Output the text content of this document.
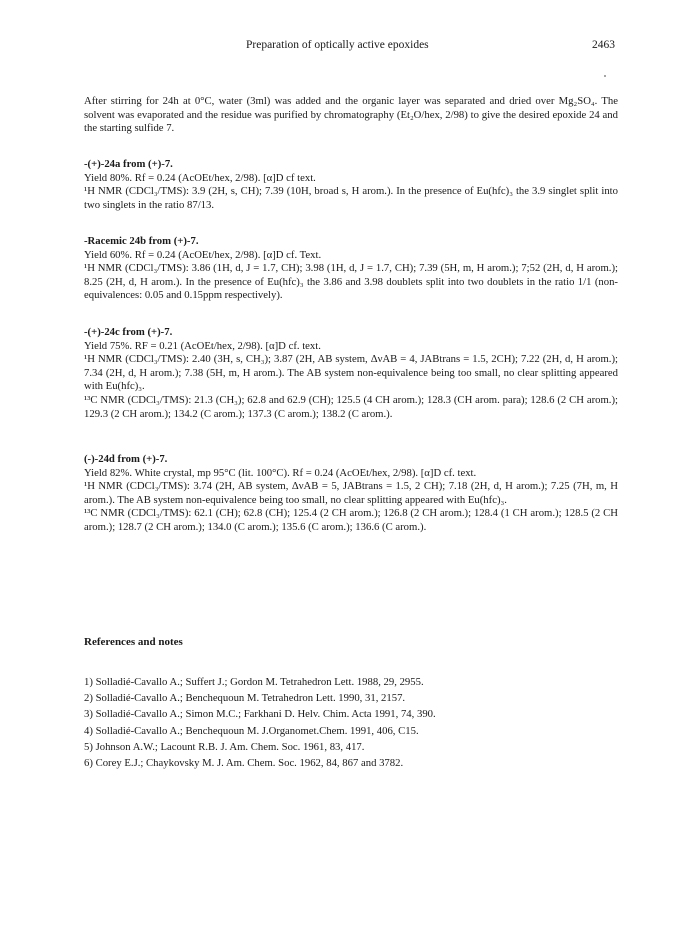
Preparation of optically active epoxides	2463

After stirring for 24h at 0°C, water (3ml) was added and the organic layer was separated and dried over Mg₂SO₄. The solvent was evaporated and the residue was purified by chromatography (Et₂O/hex, 2/98) to give the desired epoxide 24 and the starting sulfide 7.

-(+)-24a from (+)-7.

Yield 80%. Rf = 0.24 (AcOEt/hex, 2/98). [α]D cf text.

¹H NMR (CDCl₃/TMS): 3.9 (2H, s, CH); 7.39 (10H, broad s, H arom.). In the presence of Eu(hfc)₃ the 3.9 singlet split into two singlets in the ratio 87/13.

-Racemic 24b from (+)-7.

Yield 60%. Rf = 0.24 (AcOEt/hex, 2/98). [α]D cf. Text.

¹H NMR (CDCl₃/TMS): 3.86 (1H, d, J = 1.7, CH); 3.98 (1H, d, J = 1.7, CH); 7.39 (5H, m, H arom.); 7;52 (2H, d, H arom.); 8.25 (2H, d, H arom.). In the presence of Eu(hfc)₃ the 3.86 and 3.98 doublets split into two doublets in the ratio 1/1 (non-equivalences: 0.05 and 0.15ppm respectively).

-(+)-24c from (+)-7.

Yield 75%. RF = 0.21 (AcOEt/hex, 2/98). [α]D cf. text.

¹H NMR (CDCl₃/TMS): 2.40 (3H, s, CH₃); 3.87 (2H, AB system, ΔνAB = 4, JABtrans = 1.5, 2CH); 7.22 (2H, d, H arom.); 7.34 (2H, d, H arom.); 7.38 (5H, m, H arom.). The AB system non-equivalence being too small, no clear splitting appeared with Eu(hfc)₃.

¹³C NMR (CDCl₃/TMS): 21.3 (CH₃); 62.8 and 62.9 (CH); 125.5 (4 CH arom.); 128.3 (CH arom. para); 128.6 (2 CH arom.); 129.3 (2 CH arom.); 134.2 (C arom.); 137.3 (C arom.); 138.2 (C arom.).

(-)-24d from (+)-7.

Yield 82%. White crystal, mp 95°C (lit. 100°C). Rf = 0.24 (AcOEt/hex, 2/98). [α]D cf. text.

¹H NMR (CDCl₃/TMS): 3.74 (2H, AB system, ΔνAB = 5, JABtrans = 1.5, 2 CH); 7.18 (2H, d, H arom.); 7.25 (7H, m, H arom.). The AB system non-equivalence being too small, no clear splitting appeared with Eu(hfc)₃.

¹³C NMR (CDCl₃/TMS): 62.1 (CH); 62.8 (CH); 125.4 (2 CH arom.); 126.8 (2 CH arom.); 128.4 (1 CH arom.); 128.5 (2 CH arom.); 128.7 (2 CH arom.); 134.0 (C arom.); 135.6 (C arom.); 136.6 (C arom.).

References and notes
1) Solladié-Cavallo A.; Suffert J.; Gordon M. Tetrahedron Lett. 1988, 29, 2955.
2) Solladié-Cavallo A.; Benchequoun M. Tetrahedron Lett. 1990, 31, 2157.
3) Solladié-Cavallo A.; Simon M.C.; Farkhani D. Helv. Chim. Acta 1991, 74, 390.
4) Solladié-Cavallo A.; Benchequoun M. J.Organomet.Chem. 1991, 406, C15.
5) Johnson A.W.; Lacount R.B. J. Am. Chem. Soc. 1961, 83, 417.
6) Corey E.J.; Chaykovsky M. J. Am. Chem. Soc. 1962, 84, 867 and 3782.
